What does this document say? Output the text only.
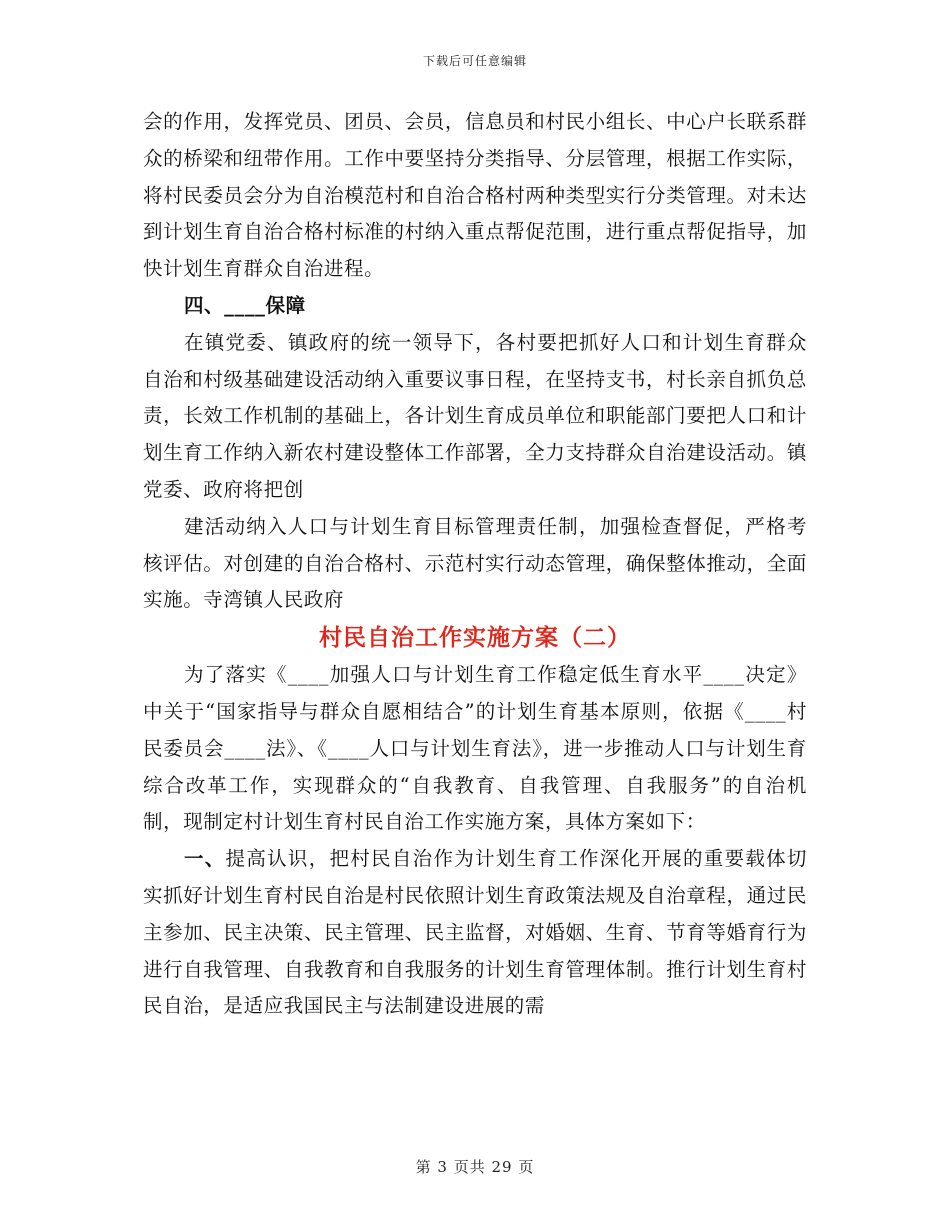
下载后可任意编辑

会的作用，发挥党员、团员、会员，信息员和村民小组长、中心户长联系群众的桥梁和纽带作用。工作中要坚持分类指导、分层管理，根据工作实际，将村民委员会分为自治模范村和自治合格村两种类型实行分类管理。对未达到计划生育自治合格村标准的村纳入重点帮促范围，进行重点帮促指导，加快计划生育群众自治进程。

四、____保障

在镇党委、镇政府的统一领导下，各村要把抓好人口和计划生育群众自治和村级基础建设活动纳入重要议事日程，在坚持支书，村长亲自抓负总责，长效工作机制的基础上，各计划生育成员单位和职能部门要把人口和计划生育工作纳入新农村建设整体工作部署，全力支持群众自治建设活动。镇党委、政府将把创

建活动纳入人口与计划生育目标管理责任制，加强检查督促，严格考核评估。对创建的自治合格村、示范村实行动态管理，确保整体推动，全面实施。寺湾镇人民政府

村民自治工作实施方案（二）

为了落实《____加强人口与计划生育工作稳定低生育水平____决定》中关于“国家指导与群众自愿相结合”的计划生育基本原则，依据《____村民委员会____法》、《____人口与计划生育法》，进一步推动人口与计划生育综合改革工作，实现群众的“自我教育、自我管理、自我服务”的自治机制，现制定村计划生育村民自治工作实施方案，具体方案如下：

一、提高认识，把村民自治作为计划生育工作深化开展的重要载体切实抓好计划生育村民自治是村民依照计划生育政策法规及自治章程，通过民主参加、民主决策、民主管理、民主监督，对婚姻、生育、节育等婚育行为进行自我管理、自我教育和自我服务的计划生育管理体制。推行计划生育村民自治，是适应我国民主与法制建设进展的需

第 3 页共 29 页
